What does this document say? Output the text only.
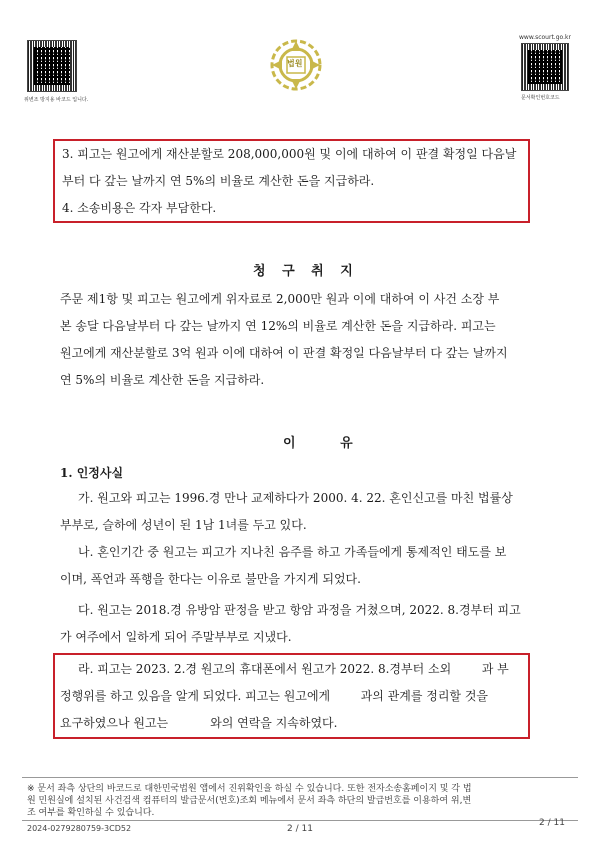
위변조 방지용 바코드 입니다.
법원
www.scourt.go.kr
문서확인번호코드
3. 피고는 원고에게 재산분할로 208,000,000원 및 이에 대하여 이 판결 확정일 다음날
부터 다 갚는 날까지 연 5%의 비율로 계산한 돈을 지급하라.
4. 소송비용은 각자 부담한다.
청 구 취 지
주문 제1항 및 피고는 원고에게 위자료로 2,000만 원과 이에 대하여 이 사건 소장 부
본 송달 다음날부터 다 갚는 날까지 연 12%의 비율로 계산한 돈을 지급하라. 피고는
원고에게 재산분할로 3억 원과 이에 대하여 이 판결 확정일 다음날부터 다 갚는 날까지
연 5%의 비율로 계산한 돈을 지급하라.
이 유
1. 인정사실
가. 원고와 피고는 1996.경 만나 교제하다가 2000. 4. 22. 혼인신고를 마친 법률상
부부로, 슬하에 성년이 된 1남 1녀를 두고 있다.
나. 혼인기간 중 원고는 피고가 지나친 음주를 하고 가족들에게 통제적인 태도를 보
이며, 폭언과 폭행을 한다는 이유로 불만을 가지게 되었다.
다. 원고는 2018.경 유방암 판정을 받고 항암 과정을 거쳤으며, 2022. 8.경부터 피고
가 여주에서 일하게 되어 주말부부로 지냈다.
라. 피고는 2023. 2.경 원고의 휴대폰에서 원고가 2022. 8.경부터 소외        과 부
정행위를 하고 있음을 알게 되었다. 피고는 원고에게        과의 관계를 정리할 것을
요구하였으나 원고는           와의 연락을 지속하였다.
※ 문서 좌측 상단의 바코드로 대한민국법원 앱에서 진위확인을 하실 수 있습니다. 또한 전자소송홈페이지 및 각 법
원 민원실에 설치된 사건검색 컴퓨터의 발급문서(번호)조회 메뉴에서 문서 좌측 하단의 발급번호를 이용하여 위,변
조 여부를 확인하실 수 있습니다.
2024-0279280759-3CD52	2 / 11
2 / 11
